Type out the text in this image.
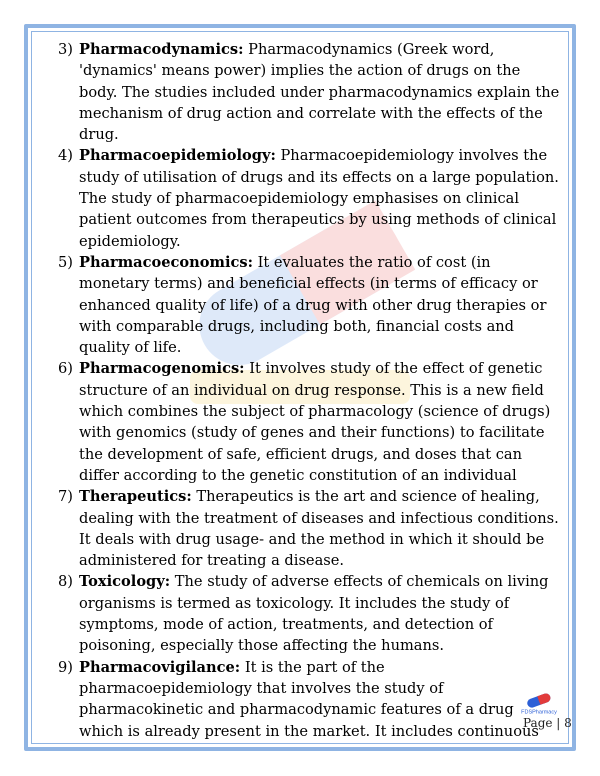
3) Pharmacodynamics: Pharmacodynamics (Greek word, 'dynamics' means power) implies the action of drugs on the body. The studies included under pharmacodynamics explain the mechanism of drug action and correlate with the effects of the drug.

4) Pharmacoepidemiology: Pharmacoepidemiology involves the study of utilisation of drugs and its effects on a large population. The study of pharmacoepidemiology emphasises on clinical patient outcomes from therapeutics by using methods of clinical epidemiology.

5) Pharmacoeconomics: It evaluates the ratio of cost (in monetary terms) and beneficial effects (in terms of efficacy or enhanced quality of life) of a drug with other drug therapies or with comparable drugs, including both, financial costs and quality of life.

6) Pharmacogenomics: It involves study of the effect of genetic structure of an individual on drug response. This is a new field which combines the subject of pharmacology (science of drugs) with genomics (study of genes and their functions) to facilitate the development of safe, efficient drugs, and doses that can differ according to the genetic constitution of an individual

7) Therapeutics: Therapeutics is the art and science of healing, dealing with the treatment of diseases and infectious conditions. It deals with drug usage- and the method in which it should be administered for treating a disease.

8) Toxicology: The study of adverse effects of chemicals on living organisms is termed as toxicology. It includes the study of symptoms, mode of action, treatments, and detection of poisoning, especially those affecting the humans.

9) Pharmacovigilance: It is the part of the pharmacoepidemiology that involves the study of pharmacokinetic and pharmacodynamic features of a drug which is already present in the market. It includes continuous

FDSPharmacy
Page | 8
